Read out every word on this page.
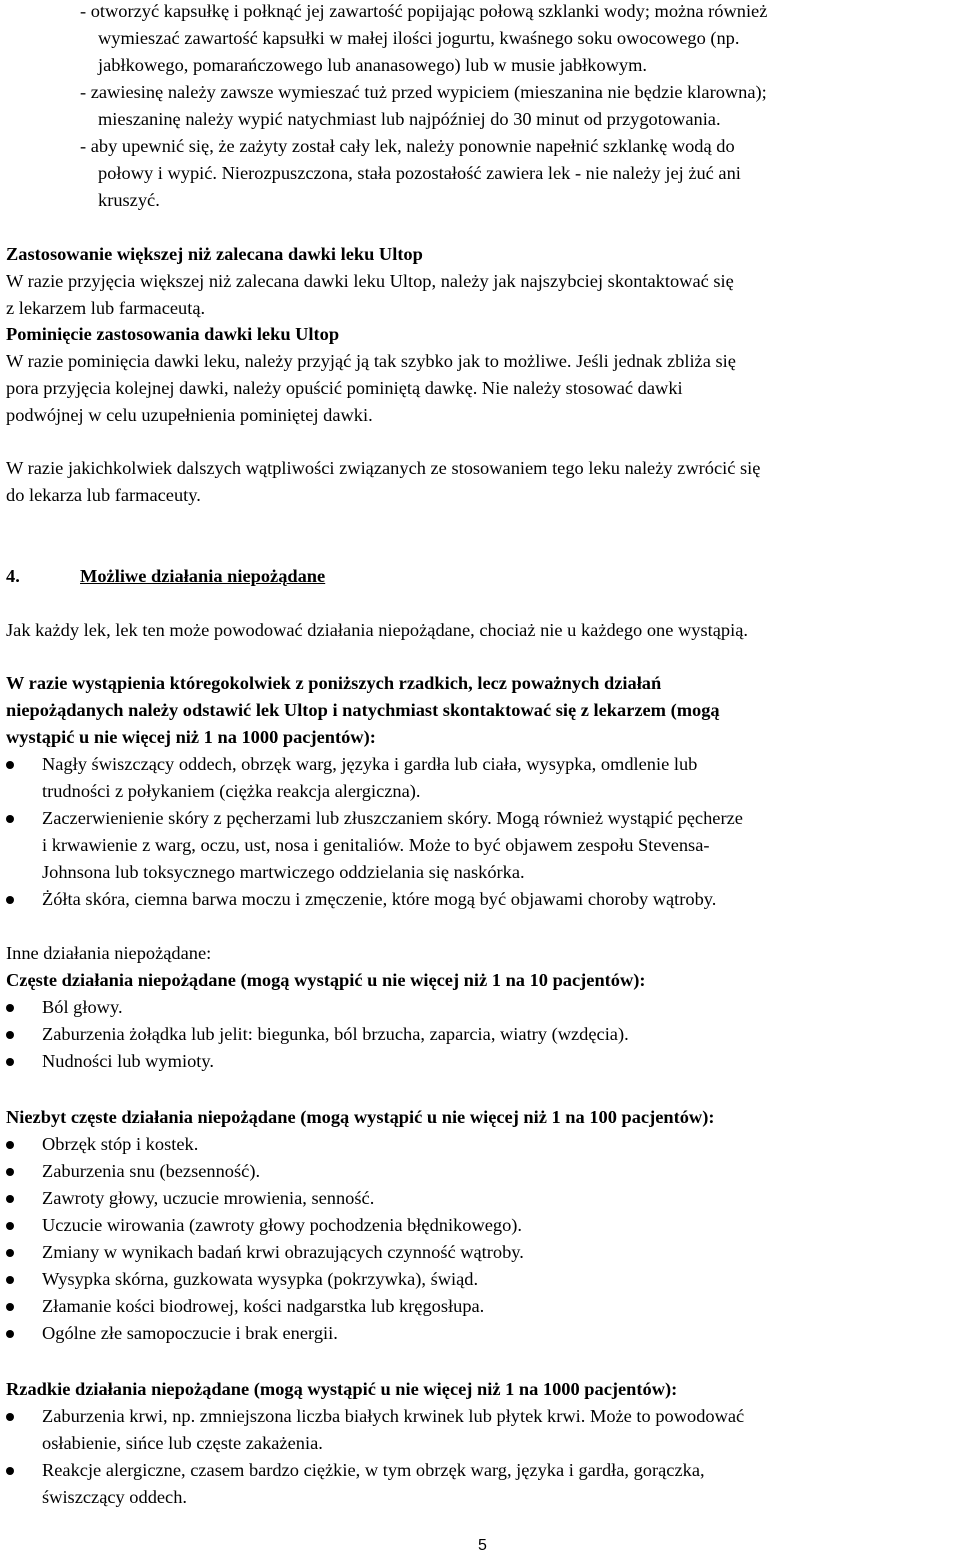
- otworzyć kapsułkę i połknąć jej zawartość popijając połową szklanki wody; można również
wymieszać zawartość kapsułki w małej ilości jogurtu, kwaśnego soku owocowego (np.
jabłkowego, pomarańczowego lub ananasowego) lub w musie jabłkowym.
- zawiesinę należy zawsze wymieszać tuż przed wypiciem (mieszanina nie będzie klarowna);
mieszaninę należy wypić natychmiast lub najpóźniej do 30 minut od przygotowania.
- aby upewnić się, że zażyty został cały lek, należy ponownie napełnić szklankę wodą do
połowy i wypić. Nierozpuszczona, stała pozostałość zawiera lek - nie należy jej żuć ani
kruszyć.
Zastosowanie większej niż zalecana dawki leku Ultop
W razie przyjęcia większej niż zalecana dawki leku Ultop, należy jak najszybciej skontaktować się
z lekarzem lub farmaceutą.
Pominięcie zastosowania dawki leku Ultop
W razie pominięcia dawki leku, należy przyjąć ją tak szybko jak to możliwe. Jeśli jednak zbliża się
pora przyjęcia kolejnej dawki, należy opuścić pominiętą dawkę. Nie należy stosować dawki
podwójnej w celu uzupełnienia pominiętej dawki.
W razie jakichkolwiek dalszych wątpliwości związanych ze stosowaniem tego leku należy zwrócić się
do lekarza lub farmaceuty.
4.	Możliwe działania niepożądane
Jak każdy lek, lek ten może powodować działania niepożądane, chociaż nie u każdego one wystąpią.
W razie wystąpienia któregokolwiek z poniższych rzadkich, lecz poważnych działań
niepożądanych należy odstawić lek Ultop i natychmiast skontaktować się z lekarzem (mogą
wystąpić u nie więcej niż 1 na 1000 pacjentów):
Nagły świszczący oddech, obrzęk warg, języka i gardła lub ciała, wysypka, omdlenie lub
trudności z połykaniem (ciężka reakcja alergiczna).
Zaczerwienienie skóry z pęcherzami lub złuszczaniem skóry. Mogą również wystąpić pęcherze
i krwawienie z warg, oczu, ust, nosa i genitaliów. Może to być objawem zespołu Stevensa-
Johnsona lub toksycznego martwiczego oddzielania się naskórka.
Żółta skóra, ciemna barwa moczu i zmęczenie, które mogą być objawami choroby wątroby.
Inne działania niepożądane:
Częste działania niepożądane (mogą wystąpić u nie więcej niż 1 na 10 pacjentów):
Ból głowy.
Zaburzenia żołądka lub jelit: biegunka, ból brzucha, zaparcia, wiatry (wzdęcia).
Nudności lub wymioty.
Niezbyt częste działania niepożądane (mogą wystąpić u nie więcej niż 1 na 100 pacjentów):
Obrzęk stóp i kostek.
Zaburzenia snu (bezsenność).
Zawroty głowy, uczucie mrowienia, senność.
Uczucie wirowania (zawroty głowy pochodzenia błędnikowego).
Zmiany w wynikach badań krwi obrazujących czynność wątroby.
Wysypka skórna, guzkowata wysypka (pokrzywka), świąd.
Złamanie kości biodrowej, kości nadgarstka lub kręgosłupa.
Ogólne złe samopoczucie i brak energii.
Rzadkie działania niepożądane (mogą wystąpić u nie więcej niż 1 na 1000 pacjentów):
Zaburzenia krwi, np. zmniejszona liczba białych krwinek lub płytek krwi. Może to powodować
osłabienie, sińce lub częste zakażenia.
Reakcje alergiczne, czasem bardzo ciężkie, w tym obrzęk warg, języka i gardła, gorączka,
świszczący oddech.
5
